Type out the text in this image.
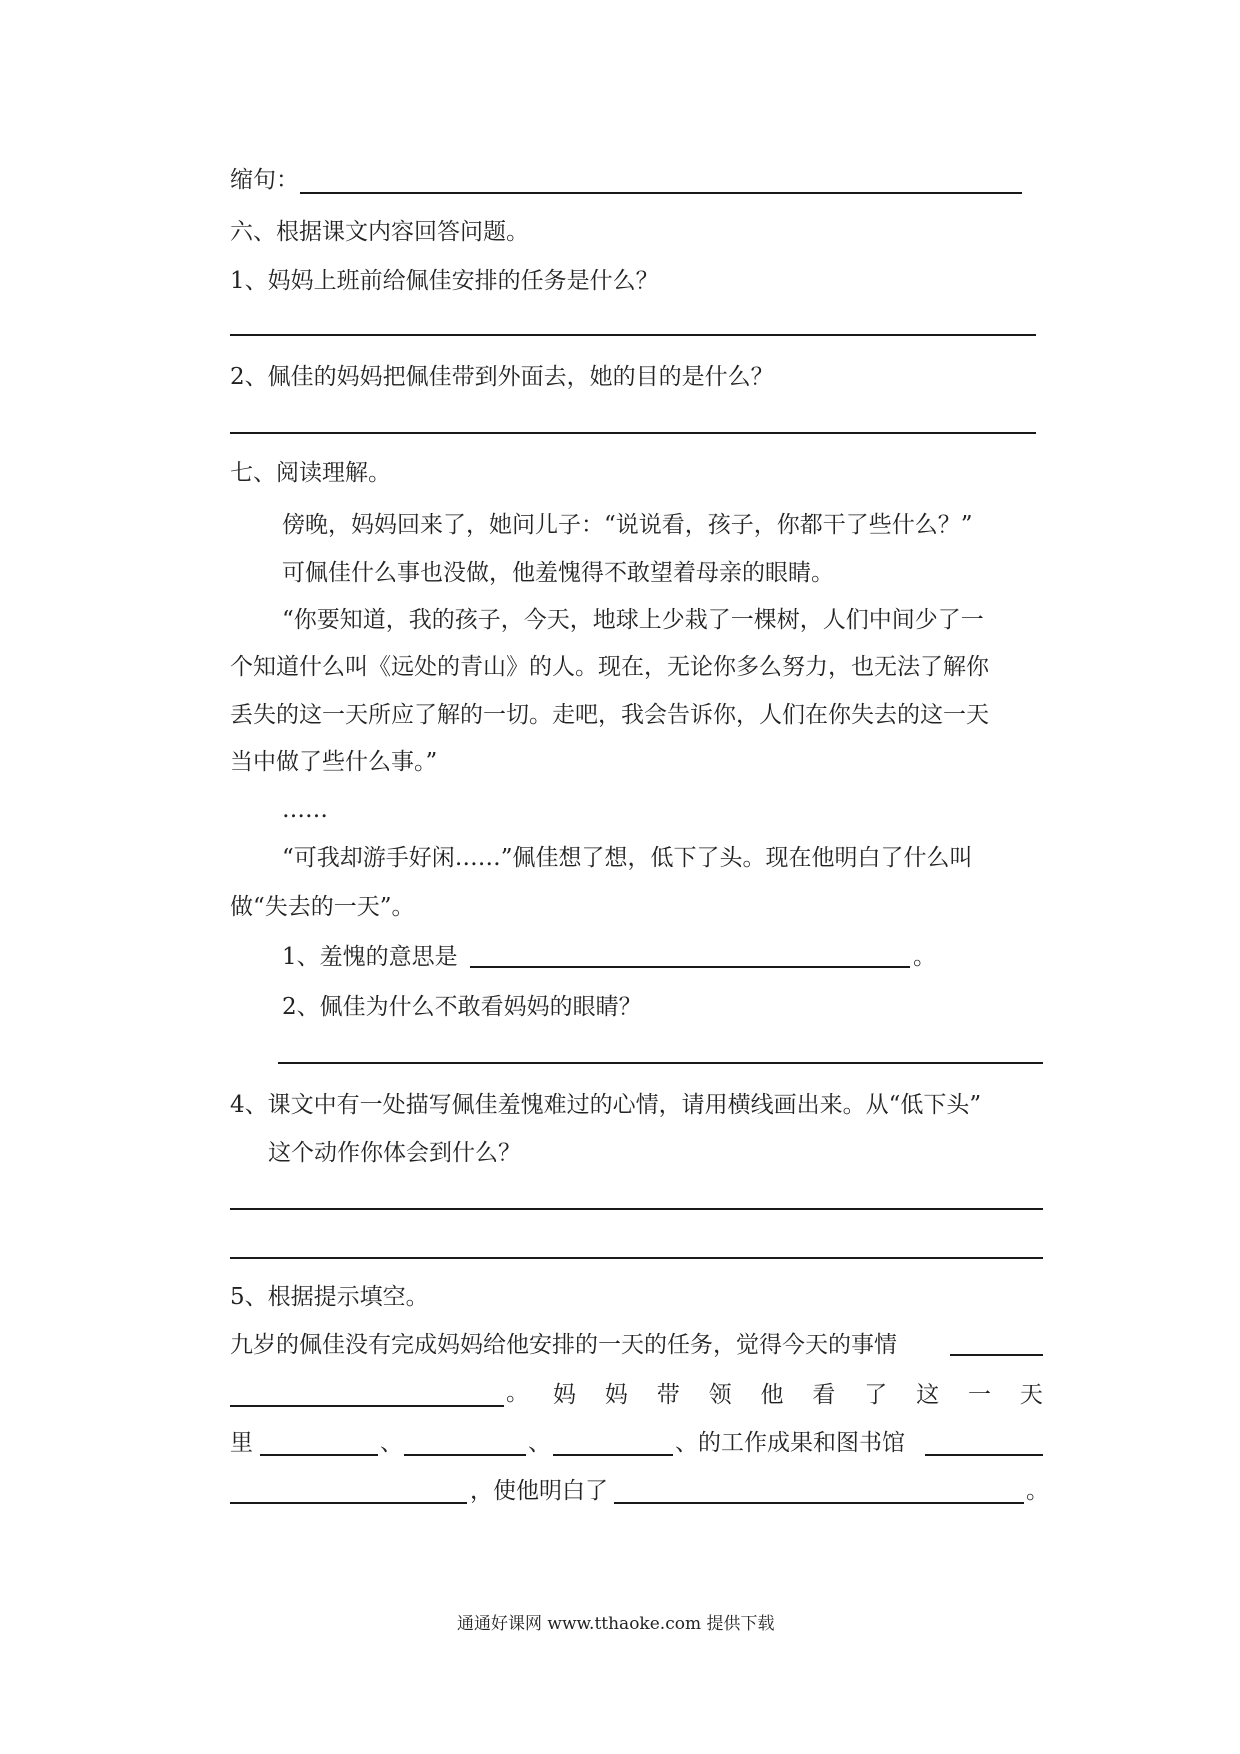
缩句：
六、根据课文内容回答问题。
1、妈妈上班前给佩佳安排的任务是什么？
2、佩佳的妈妈把佩佳带到外面去，她的目的是什么？
七、阅读理解。
傍晚，妈妈回来了，她问儿子：“说说看，孩子，你都干了些什么？”
可佩佳什么事也没做，他羞愧得不敢望着母亲的眼睛。
“你要知道，我的孩子，今天，地球上少栽了一棵树，人们中间少了一
个知道什么叫《远处的青山》的人。现在，无论你多么努力，也无法了解你
丢失的这一天所应了解的一切。走吧，我会告诉你，人们在你失去的这一天
当中做了些什么事。”
……
“可我却游手好闲……”佩佳想了想，低下了头。现在他明白了什么叫
做“失去的一天”。
1、羞愧的意思是	。
2、佩佳为什么不敢看妈妈的眼睛？
4、课文中有一处描写佩佳羞愧难过的心情，请用横线画出来。从“低下头”
这个动作你体会到什么？
5、根据提示填空。
九岁的佩佳没有完成妈妈给他安排的一天的任务，觉得今天的事情
。 妈 妈 带 领 他 看 了 这 一 天
里	、	、	、的工作成果和图书馆
，使他明白了	。
通通好课网 www.tthaoke.com 提供下载
